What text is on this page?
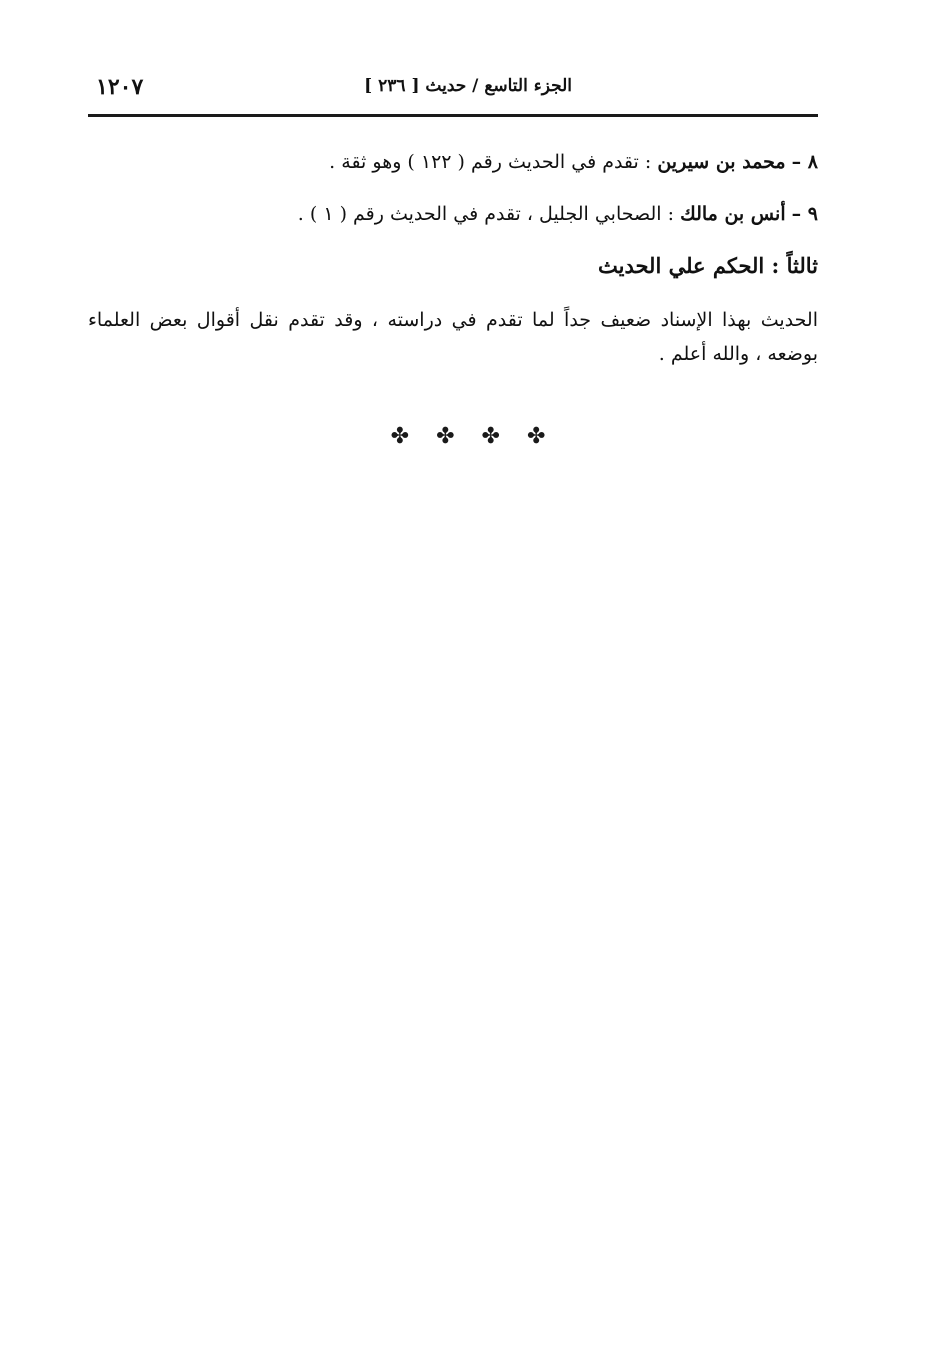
الجزء التاسع / حديث [ ٢٣٦ ]
١٢٠٧

٨ – محمد بن سيرين : تقدم في الحديث رقم ( ١٢٢ ) وهو ثقة .

٩ – أنس بن مالك : الصحابي الجليل ، تقدم في الحديث رقم ( ١ ) .

ثالثاً : الحكم علي الحديث

الحديث بهذا الإسناد ضعيف جداً لما تقدم في دراسته ، وقد تقدم نقل أقوال بعض العلماء بوضعه ، والله أعلم .

✤ ✤ ✤ ✤
